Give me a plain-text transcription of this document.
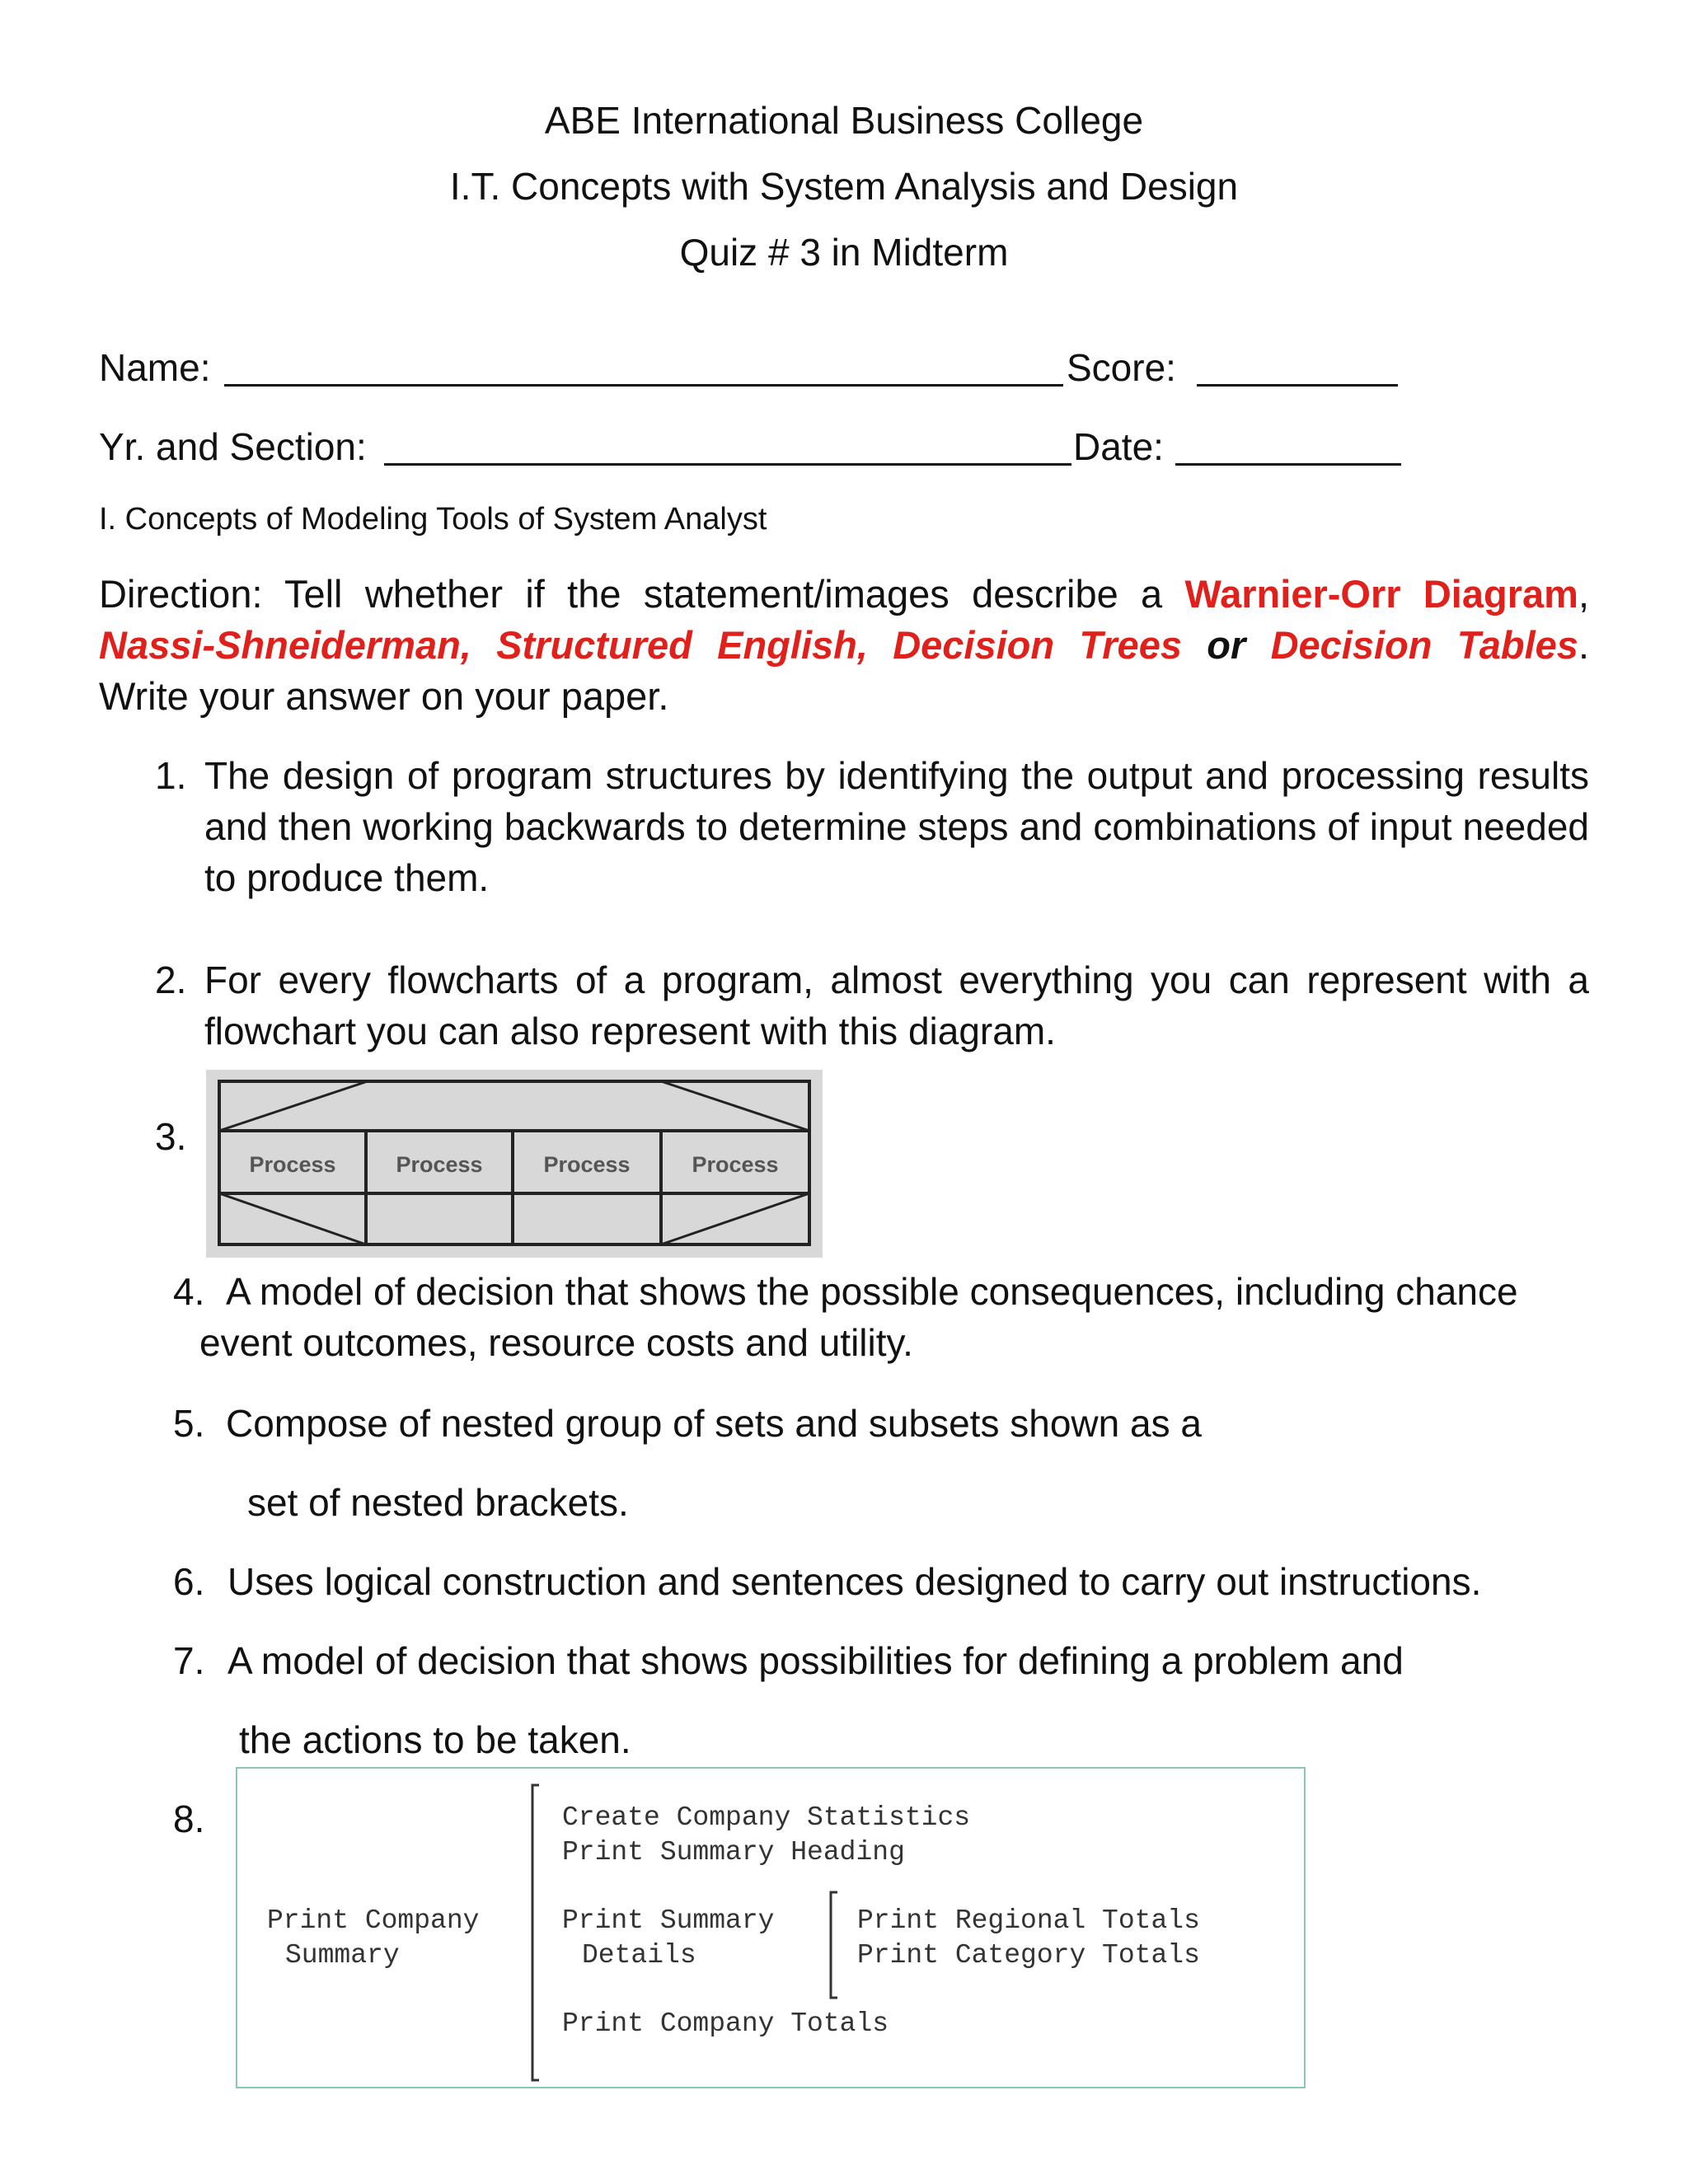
ABE International Business College
I.T. Concepts with System Analysis and Design
Quiz # 3 in Midterm
Name:	Score:
Yr. and Section:	Date:
I. Concepts of Modeling Tools of System Analyst
Direction: Tell whether if the statement/images describe a Warnier-Orr Diagram, Nassi-Shneiderman, Structured English, Decision Trees or Decision Tables. Write your answer on your paper.
1. The design of program structures by identifying the output and processing results and then working backwards to determine steps and combinations of input needed to produce them.
2. For every flowcharts of a program, almost everything you can represent with a flowchart you can also represent with this diagram.
3.
Process	Process	Process	Process
4. A model of decision that shows the possible consequences, including chance
event outcomes, resource costs and utility.
5. Compose of nested group of sets and subsets shown as a
set of nested brackets.
6. Uses logical construction and sentences designed to carry out instructions.
7. A model of decision that shows possibilities for defining a problem and
the actions to be taken.
8.
Print Company
Summary
Create Company Statistics
Print Summary Heading
Print Summary
Details
Print Company Totals
Print Regional Totals
Print Category Totals
